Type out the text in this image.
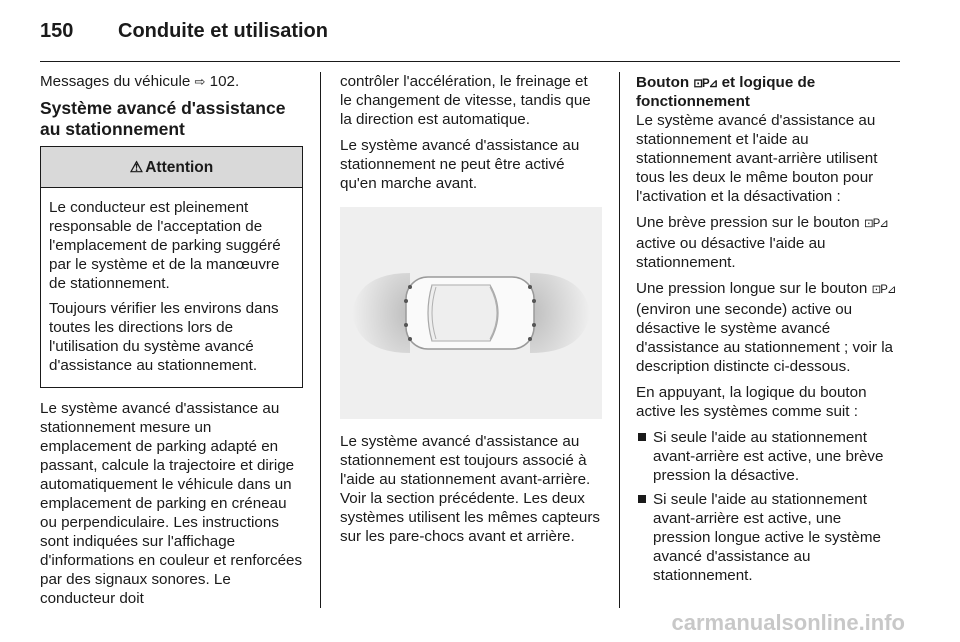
150 Conduite et utilisation

Messages du véhicule ⇨ 102.

Système avancé d'assistance au stationnement
⚠ Attention

Le conducteur est pleinement responsable de l'acceptation de l'emplacement de parking suggéré par le système et de la manœuvre de stationnement.

Toujours vérifier les environs dans toutes les directions lors de l'utilisation du système avancé d'assistance au stationnement.

Le système avancé d'assistance au stationnement mesure un emplacement de parking adapté en passant, calcule la trajectoire et dirige automatiquement le véhicule dans un emplacement de parking en créneau ou perpendiculaire. Les instructions sont indiquées sur l'affichage d'informations en couleur et renforcées par des signaux sonores. Le conducteur doit

contrôler l'accélération, le freinage et le changement de vitesse, tandis que la direction est automatique.

Le système avancé d'assistance au stationnement ne peut être activé qu'en marche avant.

Le système avancé d'assistance au stationnement est toujours associé à l'aide au stationnement avant-arrière. Voir la section précédente. Les deux systèmes utilisent les mêmes capteurs sur les pare-chocs avant et arrière.

Bouton ⊡P⊿ et logique de fonctionnement

Le système avancé d'assistance au stationnement et l'aide au stationnement avant-arrière utilisent tous les deux le même bouton pour l'activation et la désactivation :

Une brève pression sur le bouton ⊡P⊿ active ou désactive l'aide au stationnement.

Une pression longue sur le bouton ⊡P⊿ (environ une seconde) active ou désactive le système avancé d'assistance au stationnement ; voir la description distincte ci-dessous.

En appuyant, la logique du bouton active les systèmes comme suit :

Si seule l'aide au stationnement avant-arrière est active, une brève pression la désactive.
Si seule l'aide au stationnement avant-arrière est active, une pression longue active le système avancé d'assistance au stationnement.
carmanualsonline.info
